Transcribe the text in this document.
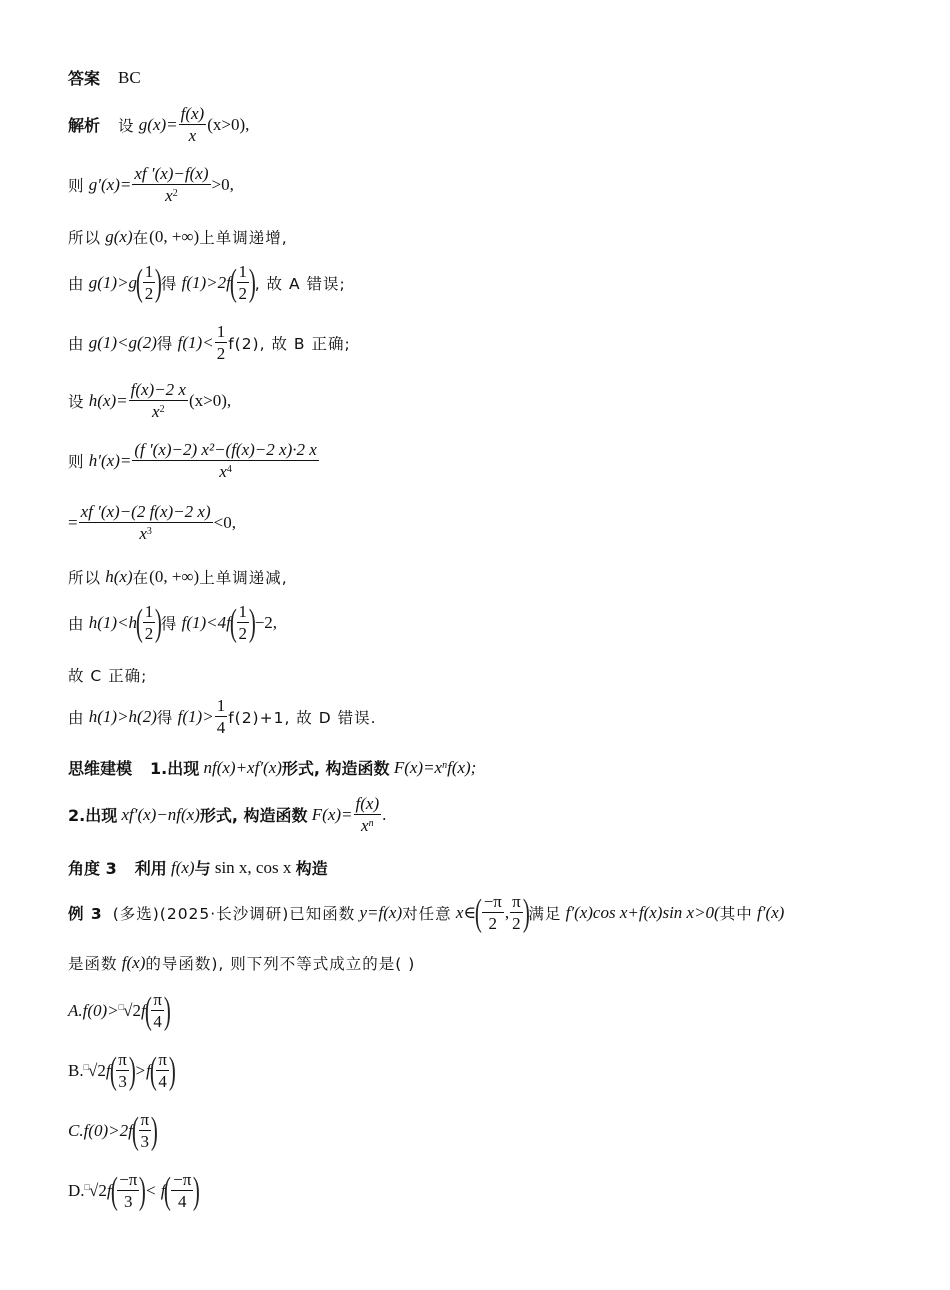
答案 BC
解析 设
$g(x)= \frac{f(x)}{x} (x>0)$,
则
$g'(x)= \frac{xf '(x)-f(x)}{x^2} >0$,
所以
g(x) 在 (0, +∞) 上单调递增,
由
g(1)>g
( $\frac{1}{2}$ )
得
f(1)>2f
( $\frac{1}{2}$ )
, 故 A 错误;
由
g(1)<g(2) 得
$f(1)< \frac{1}{2} f(2)$, 故 B 正确;
设
$h(x)= \frac{f(x)-2 x}{x^2} (x>0)$,
则
$h'(x)= \frac{\text{(f ′(x)−2) x²−(f(x)−2 x)·2 x}}{x^4}$
= $\frac{xf '(x)-(2 f(x)-2 x)}{x^3} <0$,
所以
h(x) 在 (0, +∞) 上单调递减,
由
h(1)<h
( $\frac{1}{2}$ )
得
f(1)<4f
( $\frac{1}{2}$ )
−2,
故 C 正确;
由
h(1)>h(2) 得
$f(1)> \frac{1}{4} f(2)+1$, 故 D 错误.
思维建模 1.出现
nf(x)+xf′(x) 形式, 构造函数
$F(x)=x^n$ f(x);
2.出现
xf′(x)−nf(x) 形式, 构造函数
$F(x)= \frac{f(x)}{x^n}$ .
角度 3 利用
f(x) 与
sin x, cos x
构造
例 3 (多选)(2025·长沙调研)已知函数
y=f(x) 对任意
x∈
( $\frac{-\pi}{2}$ , $\frac{\pi}{2}$ )
满足
f′(x)cos x+f(x)sin x>0( 其中
f′(x)
是函数
f(x) 的导函数), 则下列不等式成立的是( )
A.f(0)> □√ 2 f
( $\frac{\pi}{4}$ )
B. □√ 2 f
( $\frac{\pi}{3}$ )
>f
( $\frac{\pi}{4}$ )
C.f(0)>2f
( $\frac{\pi}{3}$ )
D. □√ 2 f
( $\frac{-\pi}{3}$ )
< f
( $\frac{-\pi}{4}$ )
